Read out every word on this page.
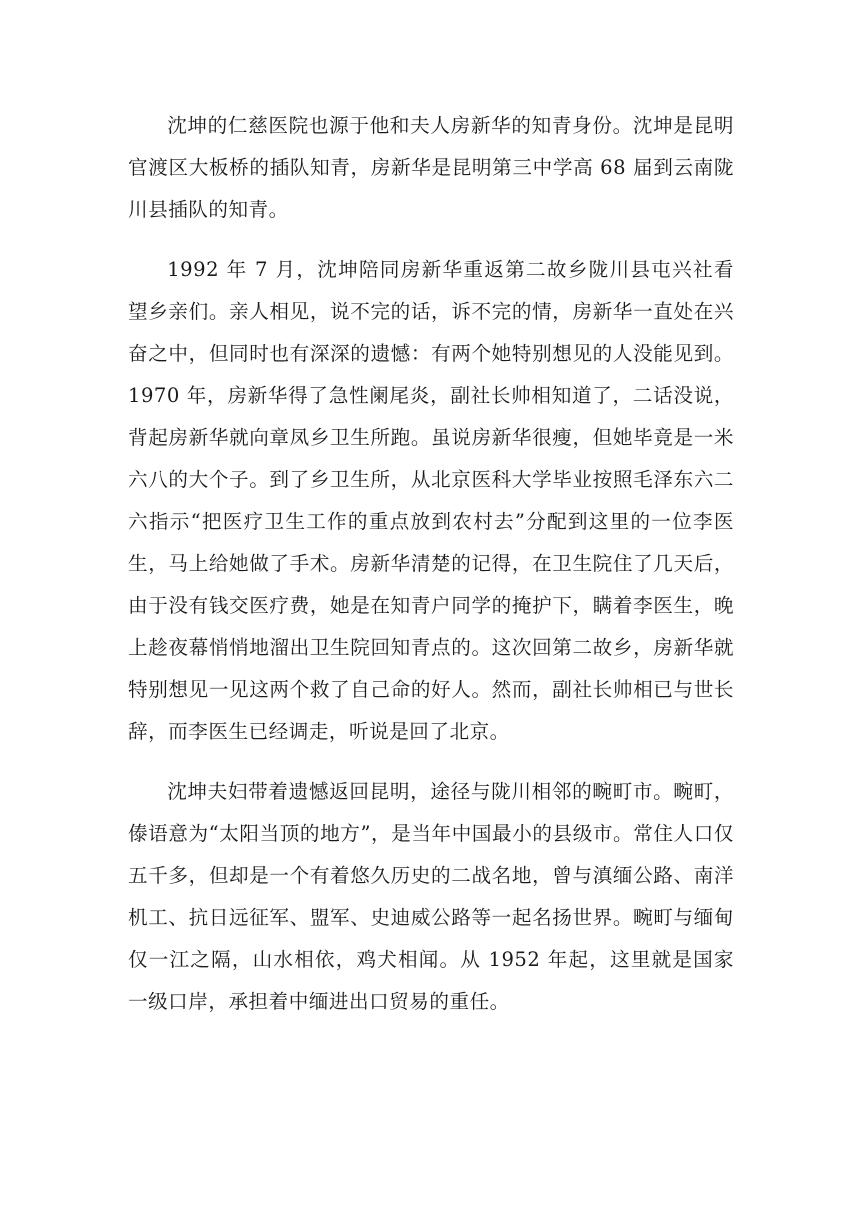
沈坤的仁慈医院也源于他和夫人房新华的知青身份。沈坤是昆明官渡区大板桥的插队知青，房新华是昆明第三中学高 68 届到云南陇川县插队的知青。

1992 年 7 月，沈坤陪同房新华重返第二故乡陇川县屯兴社看望乡亲们。亲人相见，说不完的话，诉不完的情，房新华一直处在兴奋之中，但同时也有深深的遗憾：有两个她特别想见的人没能见到。1970 年，房新华得了急性阑尾炎，副社长帅相知道了，二话没说，背起房新华就向章凤乡卫生所跑。虽说房新华很瘦，但她毕竟是一米六八的大个子。到了乡卫生所，从北京医科大学毕业按照毛泽东六二六指示“把医疗卫生工作的重点放到农村去”分配到这里的一位李医生，马上给她做了手术。房新华清楚的记得，在卫生院住了几天后，由于没有钱交医疗费，她是在知青户同学的掩护下，瞒着李医生，晚上趁夜幕悄悄地溜出卫生院回知青点的。这次回第二故乡，房新华就特别想见一见这两个救了自己命的好人。然而，副社长帅相已与世长辞，而李医生已经调走，听说是回了北京。

沈坤夫妇带着遗憾返回昆明，途径与陇川相邻的畹町市。畹町，傣语意为“太阳当顶的地方”，是当年中国最小的县级市。常住人口仅五千多，但却是一个有着悠久历史的二战名地，曾与滇缅公路、南洋机工、抗日远征军、盟军、史迪威公路等一起名扬世界。畹町与缅甸仅一江之隔，山水相依，鸡犬相闻。从 1952 年起，这里就是国家一级口岸，承担着中缅进出口贸易的重任。
